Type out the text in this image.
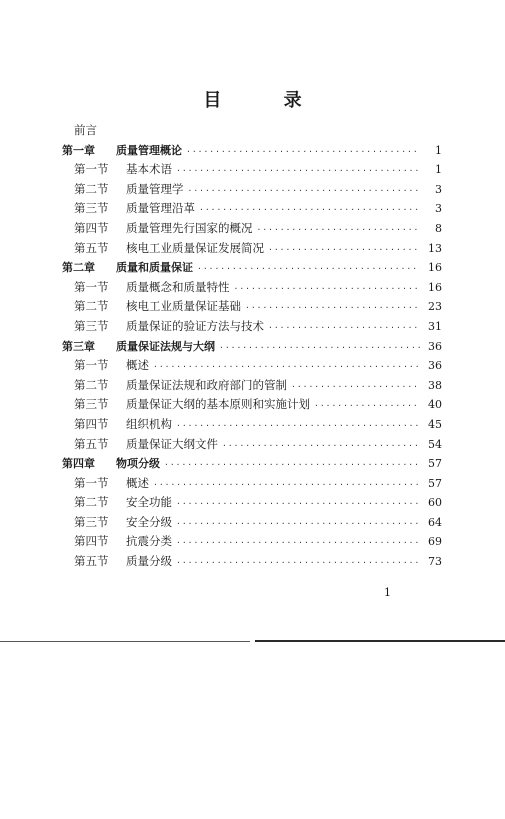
目 录
前言
第一章	质量管理概论 ·····	1
第一节	基本术语 ·····	1
第二节	质量管理学 ·····	3
第三节	质量管理沿革 ·····	3
第四节	质量管理先行国家的概况 ·····	8
第五节	核电工业质量保证发展简况 ·····	13
第二章	质量和质量保证 ·····	16
第一节	质量概念和质量特性 ·····	16
第二节	核电工业质量保证基础 ·····	23
第三节	质量保证的验证方法与技术 ·····	31
第三章	质量保证法规与大纲 ·····	36
第一节	概述 ·····	36
第二节	质量保证法规和政府部门的管制 ·····	38
第三节	质量保证大纲的基本原则和实施计划 ·····	40
第四节	组织机构 ·····	45
第五节	质量保证大纲文件 ·····	54
第四章	物项分级 ·····	57
第一节	概述 ·····	57
第二节	安全功能 ·····	60
第三节	安全分级 ·····	64
第四节	抗震分类 ·····	69
第五节	质量分级 ·····	73
1
